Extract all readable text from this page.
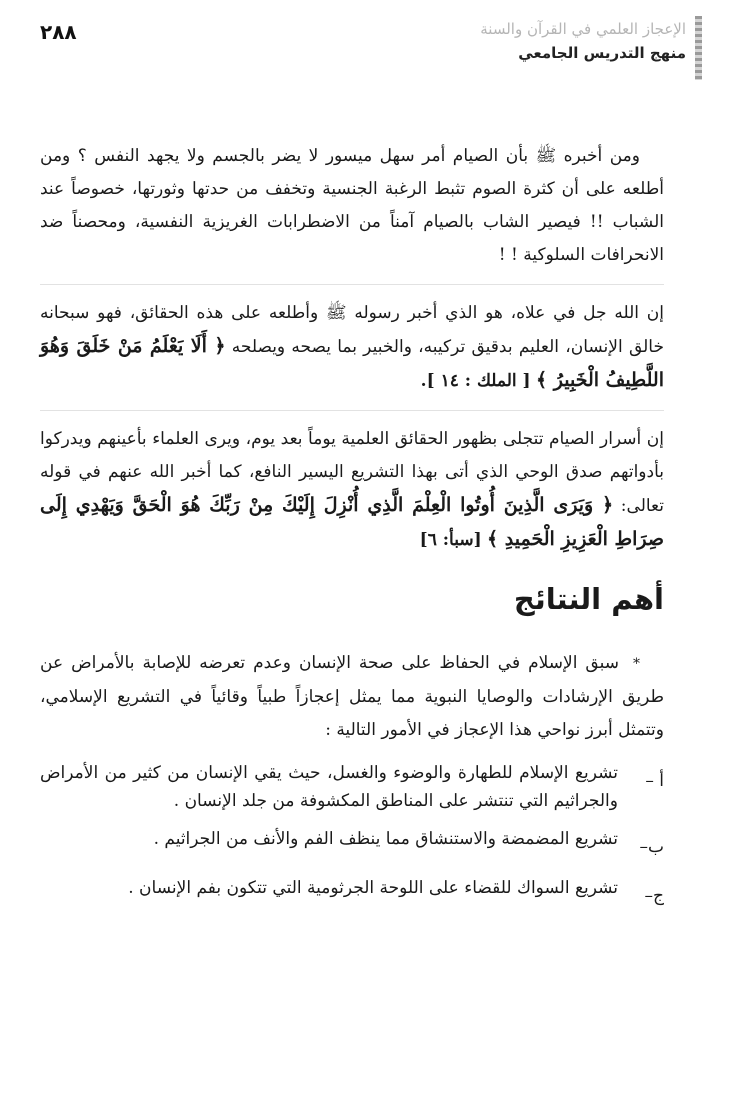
٢٨٨	الإعجاز العلمي في القرآن والسنة
منهج التدريس الجامعي

ومن أخبره ﷺ بأن الصيام أمر سهل ميسور لا يضر بالجسم ولا يجهد النفس ؟ ومن أطلعه على أن كثرة الصوم تثبط الرغبة الجنسية وتخفف من حدتها وثورتها، خصوصاً عند الشباب !! فيصير الشاب بالصيام آمناً من الاضطرابات الغريزية النفسية، ومحصناً ضد الانحرافات السلوكية ! !

إن الله جل في علاه، هو الذي أخبر رسوله ﷺ وأطلعه على هذه الحقائق، فهو سبحانه خالق الإنسان، العليم بدقيق تركيبه، والخبير بما يصحه ويصلحه ﴿ أَلَا يَعْلَمُ مَنْ خَلَقَ وَهُوَ اللَّطِيفُ الْخَبِيرُ ﴾ [ الملك : ١٤ ].

إن أسرار الصيام تتجلى بظهور الحقائق العلمية يوماً بعد يوم، ويرى العلماء بأعينهم ويدركوا بأدواتهم صدق الوحي الذي أتى بهذا التشريع اليسير النافع، كما أخبر الله عنهم في قوله تعالى: ﴿ وَيَرَى الَّذِينَ أُوتُوا الْعِلْمَ الَّذِي أُنْزِلَ إِلَيْكَ مِنْ رَبِّكَ هُوَ الْحَقَّ وَيَهْدِي إِلَى صِرَاطِ الْعَزِيزِ الْحَمِيدِ ﴾ [سبأ: ٦]

أهم النتائج

* سبق الإسلام في الحفاظ على صحة الإنسان وعدم تعرضه للإصابة بالأمراض عن طريق الإرشادات والوصايا النبوية مما يمثل إعجازاً طبياً وقائياً في التشريع الإسلامي، وتتمثل أبرز نواحي هذا الإعجاز في الأمور التالية :

أ –
تشريع الإسلام للطهارة والوضوء والغسل، حيث يقي الإنسان من كثير من الأمراض والجراثيم التي تنتشر على المناطق المكشوفة من جلد الإنسان .
ب–
تشريع المضمضة والاستنشاق مما ينظف الفم والأنف من الجراثيم .
ج–
تشريع السواك للقضاء على اللوحة الجرثومية التي تتكون بفم الإنسان .
